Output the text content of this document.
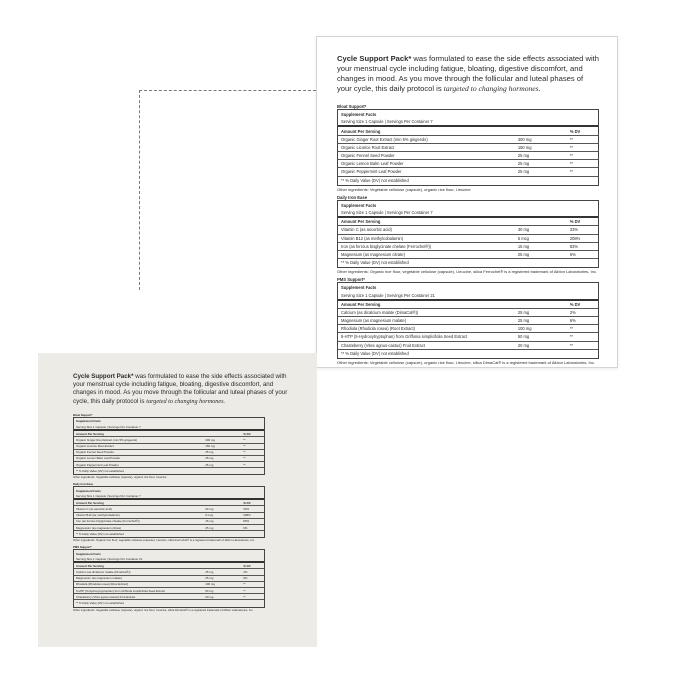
Cycle Support Pack* was formulated to ease the side effects associated with your menstrual cycle including fatigue, bloating, digestive discomfort, and changes in mood. As you move through the follicular and luteal phases of your cycle, this daily protocol is targeted to changing hormones.

Bloat Support*
Supplement Facts		
Serving Size 1 Capsule | Servings Per Container 7		
Amount Per Serving		% DV
Organic Ginger Root Extract (min 5% gingerols)	300 mg	**
Organic Licorice Root Extract	150 mg	**
Organic Fennel Seed Powder	25 mg	**
Organic Lemon Balm Leaf Powder	25 mg	**
Organic Peppermint Leaf Powder	25 mg	**
** % Daily Value (DV) not established		
Other ingredients: Vegetable cellulose (capsule), organic rice flour, l-leucine
Daily Iron Ease
Supplement Facts		
Serving Size 1 Capsule | Servings Per Container 7		
Amount Per Serving		% DV
Vitamin C (as ascorbic acid)	30 mg	33%
Vitamin B12 (as methylcobalamin)	5 mcg	208%
Iron (as ferrous bisglycinate chelate (Ferrochel®))	15 mg	83%
Magnesium (as magnesium citrate)	25 mg	6%
** % Daily Value (DV) not established		
Other ingredients: Organic rice flour, vegetable cellulose (capsule), l-leucine, silica Ferrochel® is a registered trademark of Albion Laboratories, Inc.
PMS Support*
Supplement Facts		
Serving Size 1 Capsule | Servings Per Container 21		
Amount Per Serving		% DV
Calcium (as dicalcium malate (DimaCal®))	25 mg	2%
Magnesium (as magnesium malate)	25 mg	6%
Rhodiola (Rhodiola rosea) (Root Extract)	100 mg	**
5-HTP (5-Hydroxytryptophan) from Griffonia simplicifolia Seed Extract	50 mg	**
Chasteberry (Vitex agnus-castus) Fruit Extract	20 mg	**
** % Daily Value (DV) not established		
Other ingredients: Vegetable cellulose (capsule), organic rice flour, l-leucine, silica DimaCal® is a registered trademark of Albion Laboratories, Inc.

Cycle Support Pack* was formulated to ease the side effects associated with your menstrual cycle including fatigue, bloating, digestive discomfort, and changes in mood. As you move through the follicular and luteal phases of your cycle, this daily protocol is targeted to changing hormones.

Bloat Support*
Supplement Facts		
Serving Size 1 Capsule | Servings Per Container 7		
Amount Per Serving		% DV
Organic Ginger Root Extract (min 5% gingerols)	300 mg	**
Organic Licorice Root Extract	150 mg	**
Organic Fennel Seed Powder	25 mg	**
Organic Lemon Balm Leaf Powder	25 mg	**
Organic Peppermint Leaf Powder	25 mg	**
** % Daily Value (DV) not established		
Other ingredients: Vegetable cellulose (capsule), organic rice flour, l-leucine
Daily Iron Ease
Supplement Facts		
Serving Size 1 Capsule | Servings Per Container 7		
Amount Per Serving		% DV
Vitamin C (as ascorbic acid)	30 mg	33%
Vitamin B12 (as methylcobalamin)	5 mcg	208%
Iron (as ferrous bisglycinate chelate (Ferrochel®))	15 mg	83%
Magnesium (as magnesium citrate)	25 mg	6%
** % Daily Value (DV) not established		
Other ingredients: Organic rice flour, vegetable cellulose (capsule), l-leucine, silica Ferrochel® is a registered trademark of Albion Laboratories, Inc.
PMS Support*
Supplement Facts		
Serving Size 1 Capsule | Servings Per Container 21		
Amount Per Serving		% DV
Calcium (as dicalcium malate (DimaCal®))	25 mg	2%
Magnesium (as magnesium malate)	25 mg	6%
Rhodiola (Rhodiola rosea) (Root Extract)	100 mg	**
5-HTP (5-Hydroxytryptophan) from Griffonia simplicifolia Seed Extract	50 mg	**
Chasteberry (Vitex agnus-castus) Fruit Extract	20 mg	**
** % Daily Value (DV) not established		
Other ingredients: Vegetable cellulose (capsule), organic rice flour, l-leucine, silica DimaCal® is a registered trademark of Albion Laboratories, Inc.
